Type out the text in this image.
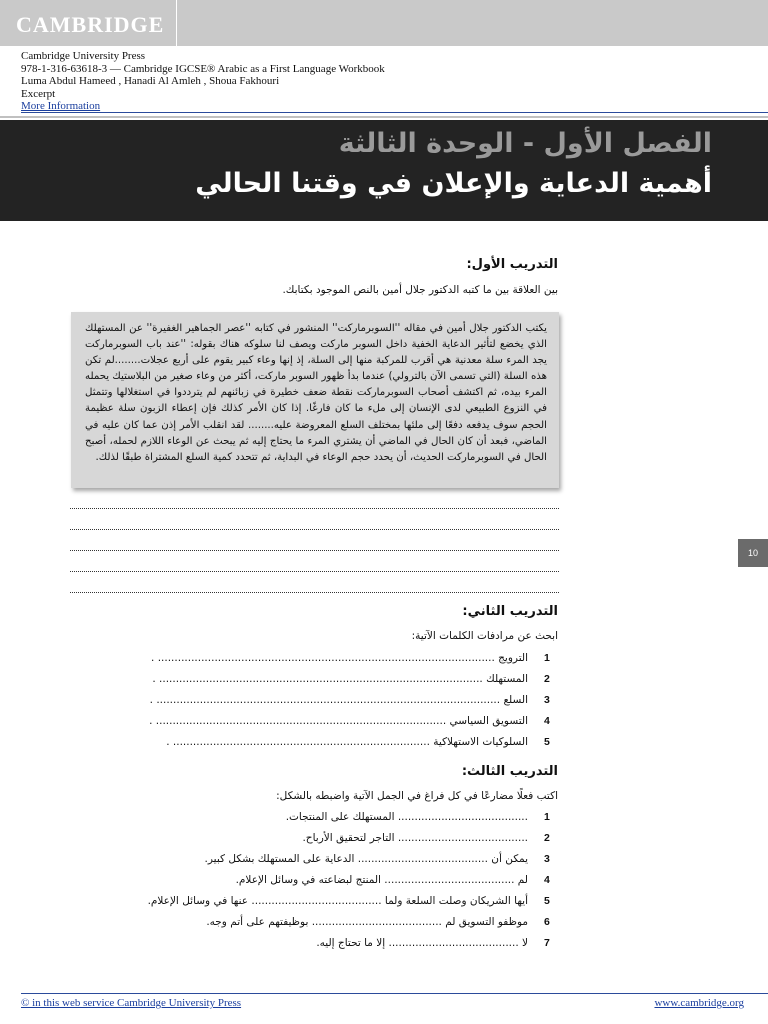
CAMBRIDGE
Cambridge University Press
978-1-316-63618-3 — Cambridge IGCSE® Arabic as a First Language Workbook
Luma Abdul Hameed , Hanadi Al Amleh , Shoua Fakhouri
Excerpt
More Information
الفصل الأول - الوحدة الثالثة
أهمية الدعاية والإعلان في وقتنا الحالي
التدريب الأول:
بين العلاقة بين ما كتبه الدكتور جلال أمين بالنص الموجود بكتابك.
يكتب الدكتور جلال أمين في مقاله ''السوبرماركت'' المنشور في كتابه ''عصر الجماهير الغفيرة'' عن المستهلك الذي يخضع لتأثير الدعاية الخفية داخل السوبر ماركت ويصف لنا سلوكه هناك بقوله: ''عند باب السوبرماركت يجد المرء سلة معدنية هي أقرب للمركبة منها إلى السلة، إذ إنها وعاء كبير يقوم على أربع عجلات........لم تكن هذه السلة (التي تسمى الآن بالترولي) عندما بدأ ظهور السوبر ماركت، أكثر من وعاء صغير من البلاستيك يحمله المرء بيده، ثم اكتشف أصحاب السوبرماركت نقطة ضعف خطيرة في زبائنهم لم يترددوا في استغلالها وتتمثل في النزوع الطبيعي لدى الإنسان إلى ملء ما كان فارغًا. إذا كان الأمر كذلك فإن إعطاء الزبون سلة عظيمة الحجم سوف يدفعه دفعًا إلى ملئها بمختلف السلع المعروضة عليه........ لقد انقلب الأمر إذن عما كان عليه في الماضي، فبعد أن كان الحال في الماضي أن يشتري المرء ما يحتاج إليه ثم يبحث عن الوعاء اللازم لحمله، أصبح الحال في السوبرماركت الحديث، أن يحدد حجم الوعاء في البداية، ثم تتحدد كمية السلع المشتراة طبقًا لذلك.
التدريب الثاني:
ابحث عن مرادفات الكلمات الآتية:
1
الترويج ..................................................................................................... .
2
المستهلك ................................................................................................. .
3
السلع ....................................................................................................... .
4
التسويق السياسي ....................................................................................... .
5
السلوكيات الاستهلاكية ............................................................................. .
التدريب الثالث:
اكتب فعلًا مضارعًا في كل فراغ في الجمل الآتية واضبطه بالشكل:
1
....................................... المستهلك على المنتجات.
2
....................................... التاجر لتحقيق الأرباح.
3
يمكن أن ....................................... الدعاية على المستهلك بشكل كبير.
4
لم ....................................... المنتج لبضاعته في وسائل الإعلام.
5
أيها الشريكان وصلت السلعة ولما ....................................... عنها في وسائل الإعلام.
6
موظفو التسويق لم ....................................... بوظيفتهم على أتم وجه.
7
لا ....................................... إلا ما تحتاج إليه.
10
© in this web service Cambridge University Press	www.cambridge.org
